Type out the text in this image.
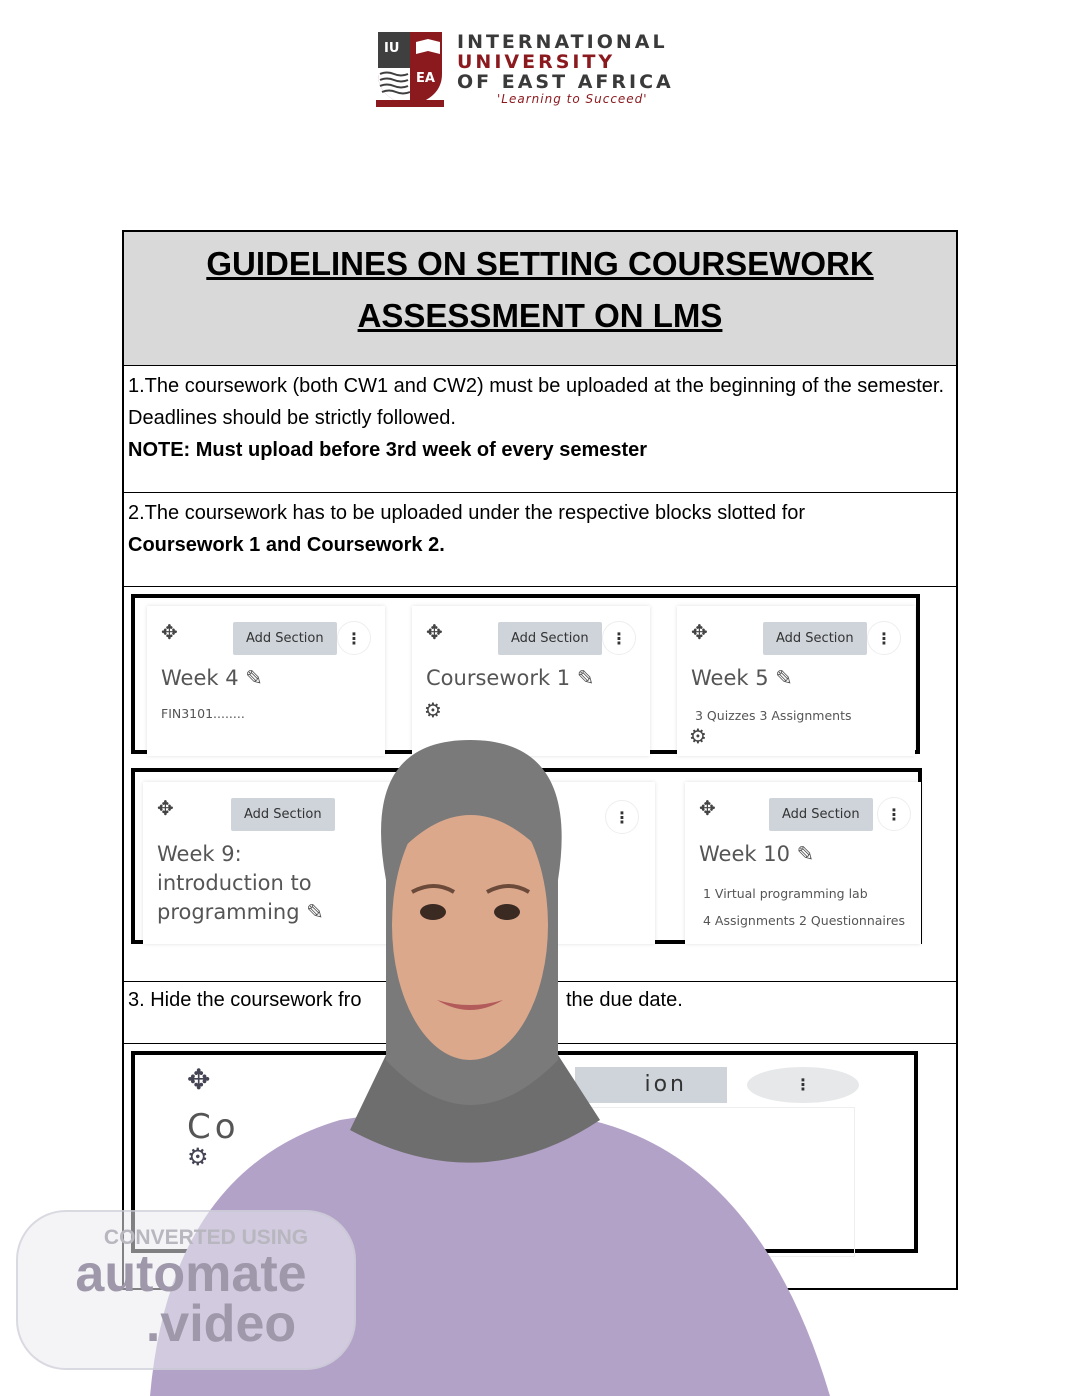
IU
EA
INTERNATIONAL
UNIVERSITY
OF EAST AFRICA
'Learning to Succeed'
GUIDELINES ON SETTING COURSEWORK ASSESSMENT ON LMS
1.The coursework (both CW1 and CW2) must be uploaded at the beginning of the semester. Deadlines should be strictly followed.
NOTE: Must upload before 3rd week of every semester
2.The coursework has to be uploaded under the respective blocks slotted for
Coursework 1 and Coursework 2.
✥	Add Section	⋮
Week 4 ✎
FIN3101........
✥	Add Section	⋮
Coursework 1 ✎
⚙
✥	Add Section	⋮
Week 5 ✎
3 Quizzes 3 Assignments
⚙
✥	Add Section
Week 9: introduction to programming ✎
⋮	✥	Add Section	⋮
Week 10 ✎
1 Virtual programming lab
4 Assignments 2 Questionnaires
✥
Co
⚙
ion	⋮
3. Hide the coursework fro	the due date.
CONVERTED USING
automate
.video
